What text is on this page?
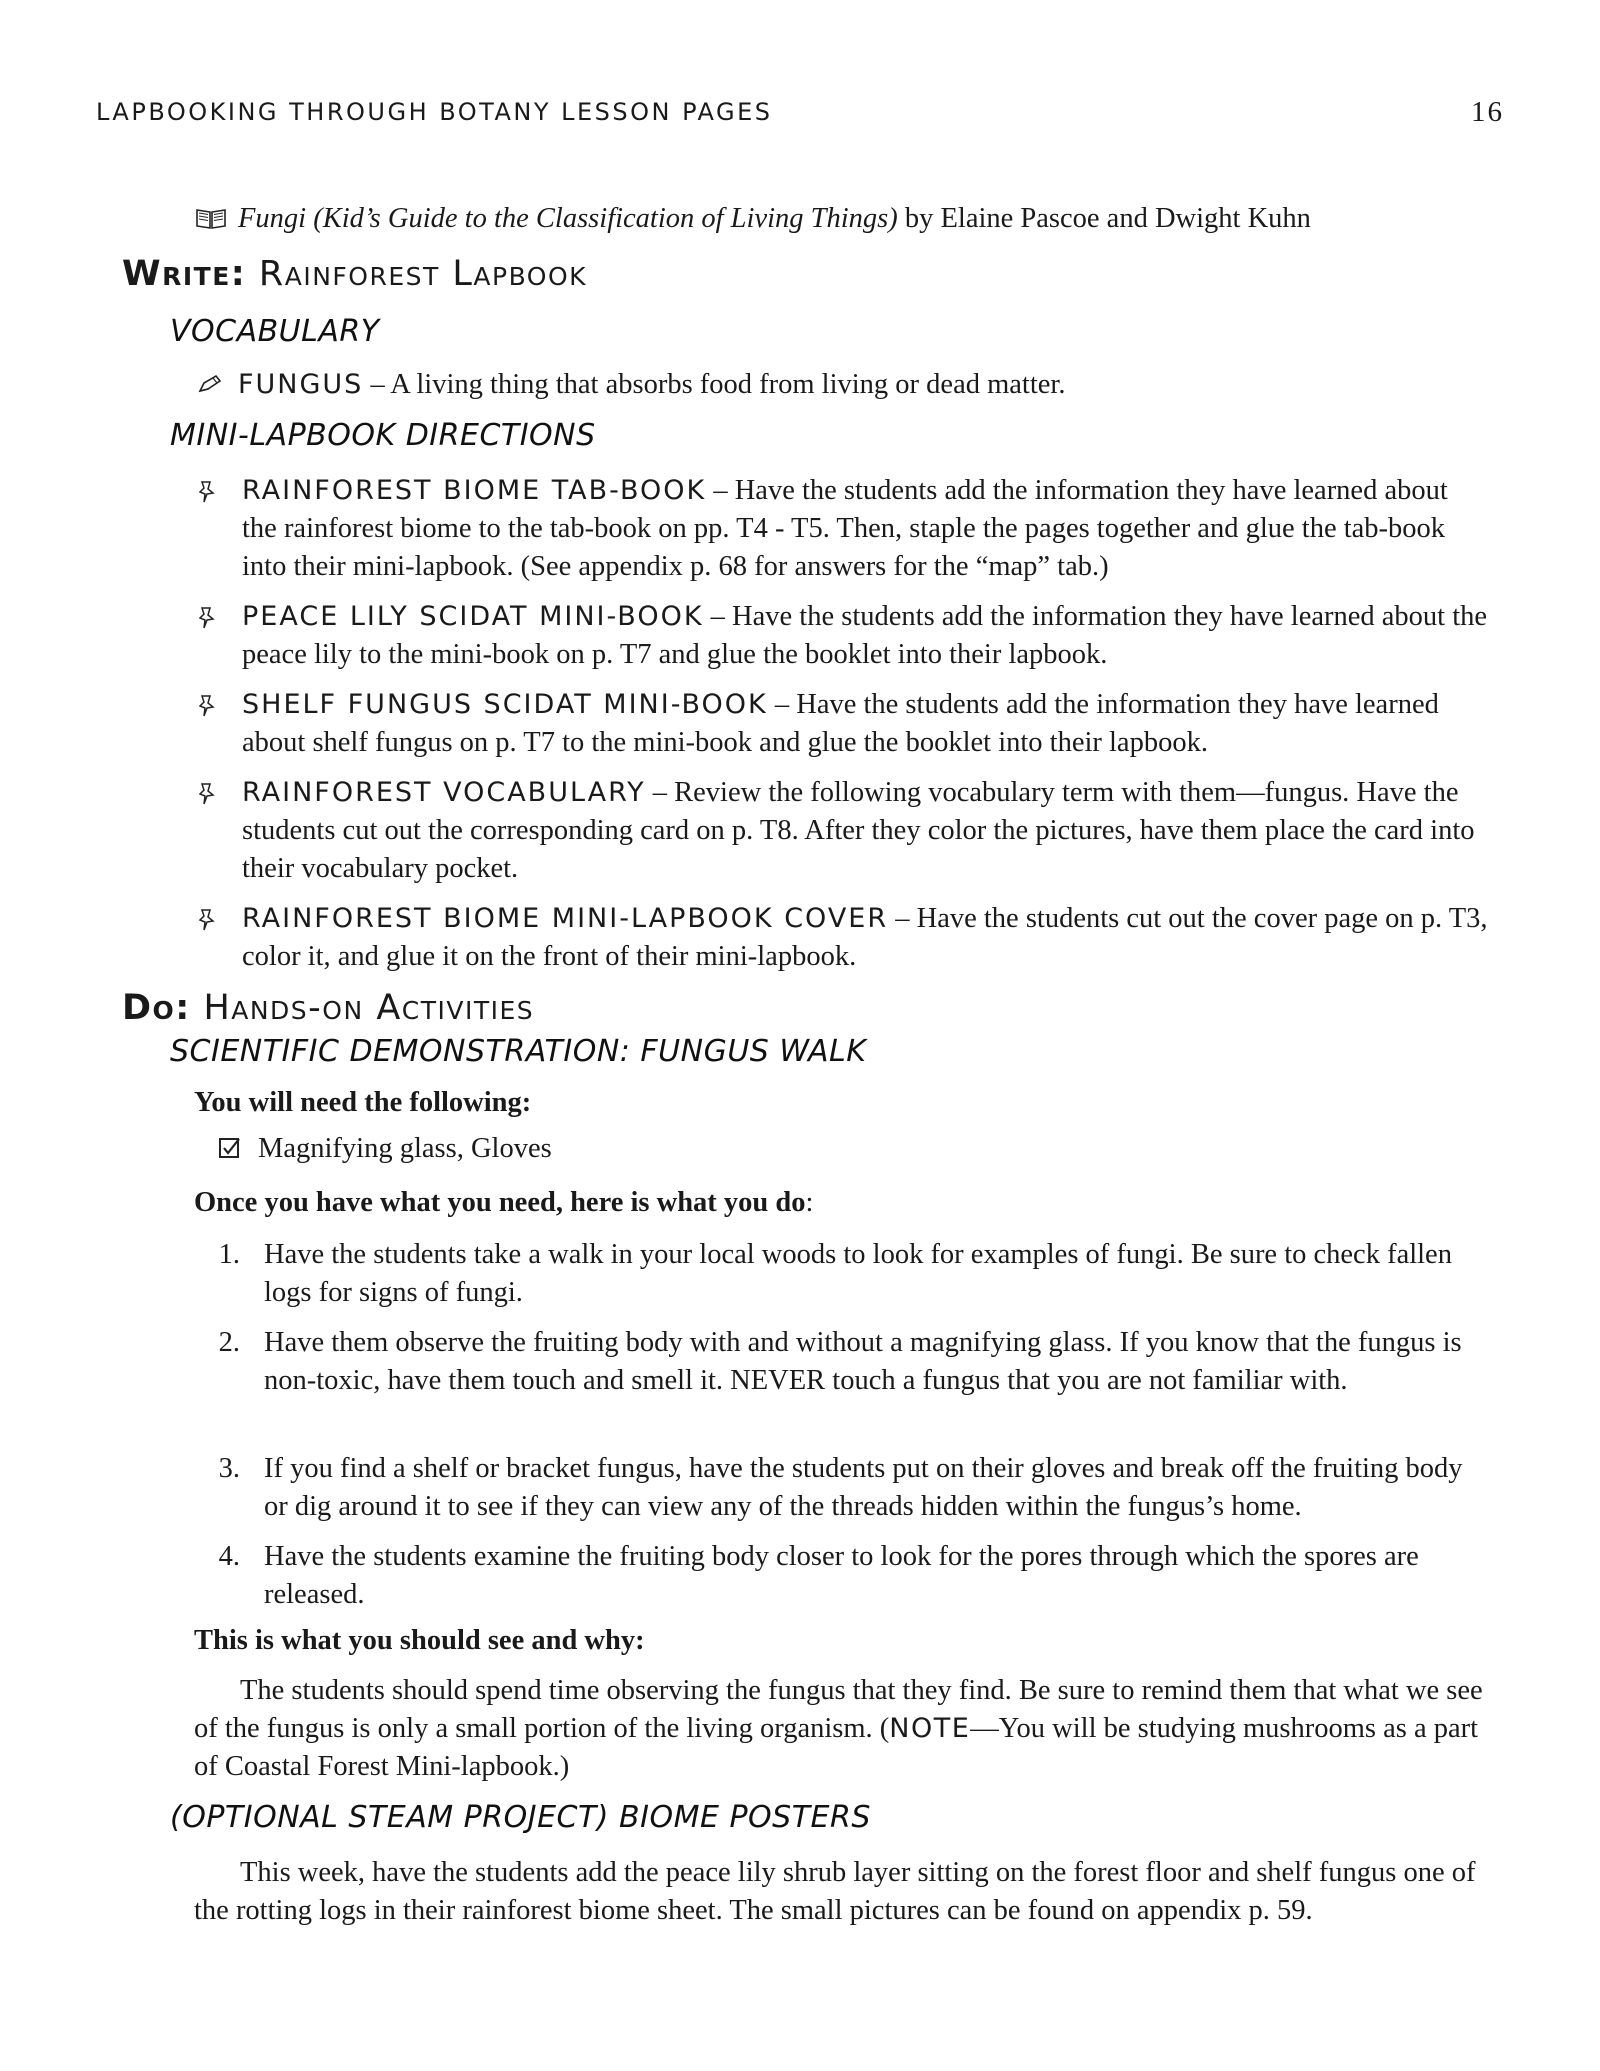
LAPBOOKING THROUGH BOTANY LESSON PAGES	16
Fungi (Kid’s Guide to the Classification of Living Things) by Elaine Pascoe and Dwight Kuhn
Write: Rainforest Lapbook
VOCABULARY
FUNGUS – A living thing that absorbs food from living or dead matter.
MINI-LAPBOOK DIRECTIONS
RAINFOREST BIOME TAB-BOOK – Have the students add the information they have learned about the rainforest biome to the tab-book on pp. T4 - T5. Then, staple the pages together and glue the tab-book into their mini-lapbook. (See appendix p. 68 for answers for the “map” tab.)
PEACE LILY SCIDAT MINI-BOOK – Have the students add the information they have learned about the peace lily to the mini-book on p. T7 and glue the booklet into their lapbook.
SHELF FUNGUS SCIDAT MINI-BOOK – Have the students add the information they have learned about shelf fungus on p. T7 to the mini-book and glue the booklet into their lapbook.
RAINFOREST VOCABULARY – Review the following vocabulary term with them—fungus. Have the students cut out the corresponding card on p. T8. After they color the pictures, have them place the card into their vocabulary pocket.
RAINFOREST BIOME MINI-LAPBOOK COVER – Have the students cut out the cover page on p. T3, color it, and glue it on the front of their mini-lapbook.
Do: Hands-on Activities
SCIENTIFIC DEMONSTRATION: FUNGUS WALK
You will need the following:
Magnifying glass, Gloves
Once you have what you need, here is what you do:
1. Have the students take a walk in your local woods to look for examples of fungi. Be sure to check fallen logs for signs of fungi.
2. Have them observe the fruiting body with and without a magnifying glass. If you know that the fungus is non-toxic, have them touch and smell it. NEVER touch a fungus that you are not familiar with.
3. If you find a shelf or bracket fungus, have the students put on their gloves and break off the fruiting body or dig around it to see if they can view any of the threads hidden within the fungus’s home.
4. Have the students examine the fruiting body closer to look for the pores through which the spores are released.
This is what you should see and why:
The students should spend time observing the fungus that they find. Be sure to remind them that what we see of the fungus is only a small portion of the living organism. (NOTE—You will be studying mushrooms as a part of Coastal Forest Mini-lapbook.)
(OPTIONAL STEAM PROJECT) BIOME POSTERS
This week, have the students add the peace lily shrub layer sitting on the forest floor and shelf fungus one of the rotting logs in their rainforest biome sheet. The small pictures can be found on appendix p. 59.
